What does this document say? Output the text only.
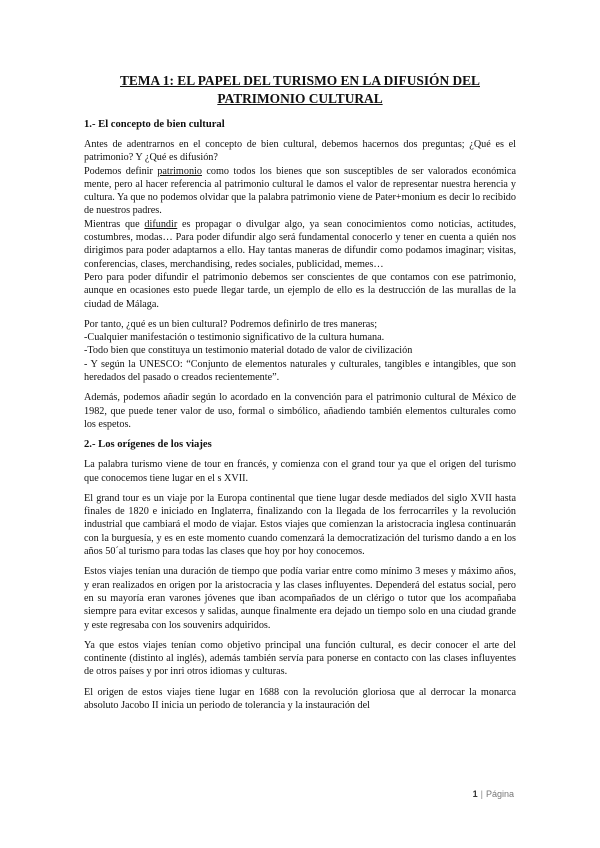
TEMA 1: EL PAPEL DEL TURISMO EN LA DIFUSIÓN DEL PATRIMONIO CULTURAL
1.- El concepto de bien cultural

Antes de adentrarnos en el concepto de bien cultural, debemos hacernos dos preguntas; ¿Qué es el patrimonio? Y ¿Qué es difusión?

Podemos definir patrimonio como todos los bienes que son susceptibles de ser valorados económica mente, pero al hacer referencia al patrimonio cultural le damos el valor de representar nuestra herencia y cultura. Ya que no podemos olvidar que la palabra patrimonio viene de Pater+monium es decir lo recibido de nuestros padres.

Mientras que difundir es propagar o divulgar algo, ya sean conocimientos como noticias, actitudes, costumbres, modas… Para poder difundir algo será fundamental conocerlo y tener en cuenta a quién nos dirigimos para poder adaptarnos a ello. Hay tantas maneras de difundir como podamos imaginar; visitas, conferencias, clases, merchandising, redes sociales, publicidad, memes…

Pero para poder difundir el patrimonio debemos ser conscientes de que contamos con ese patrimonio, aunque en ocasiones esto puede llegar tarde, un ejemplo de ello es la destrucción de las murallas de la ciudad de Málaga.

Por tanto, ¿qué es un bien cultural? Podremos definirlo de tres maneras;

-Cualquier manifestación o testimonio significativo de la cultura humana.

-Todo bien que constituya un testimonio material dotado de valor de civilización

- Y según la UNESCO: “Conjunto de elementos naturales y culturales, tangibles e intangibles, que son heredados del pasado o creados recientemente”.

Además, podemos añadir según lo acordado en la convención para el patrimonio cultural de México de 1982, que puede tener valor de uso, formal o simbólico, añadiendo también elementos culturales como los espetos.

2.- Los orígenes de los viajes

La palabra turismo viene de tour en francés, y comienza con el grand tour ya que el origen del turismo que conocemos tiene lugar en el s XVII.

El grand tour es un viaje por la Europa continental que tiene lugar desde mediados del siglo XVII hasta finales de 1820 e iniciado en Inglaterra, finalizando con la llegada de los ferrocarriles y la revolución industrial que cambiará el modo de viajar. Estos viajes que comienzan la aristocracia inglesa continuarán con la burguesía, y es en este momento cuando comenzará la democratización del turismo dando a en los años 50´al turismo para todas las clases que hoy por hoy conocemos.

Estos viajes tenían una duración de tiempo que podía variar entre como mínimo 3 meses y máximo años, y eran realizados en origen por la aristocracia y las clases influyentes. Dependerá del estatus social, pero en su mayoría eran varones jóvenes que iban acompañados de un clérigo o tutor que los acompañaba siempre para evitar excesos y salidas, aunque finalmente era dejado un tiempo solo en una ciudad grande y este regresaba con los souvenirs adquiridos.

Ya que estos viajes tenían como objetivo principal una función cultural, es decir conocer el arte del continente (distinto al inglés), además también servía para ponerse en contacto con las clases influyentes de otros países y por inri otros idiomas y culturas.

El origen de estos viajes tiene lugar en 1688 con la revolución gloriosa que al derrocar la monarca absoluto Jacobo II inicia un periodo de tolerancia y la instauración del

1 | Página
